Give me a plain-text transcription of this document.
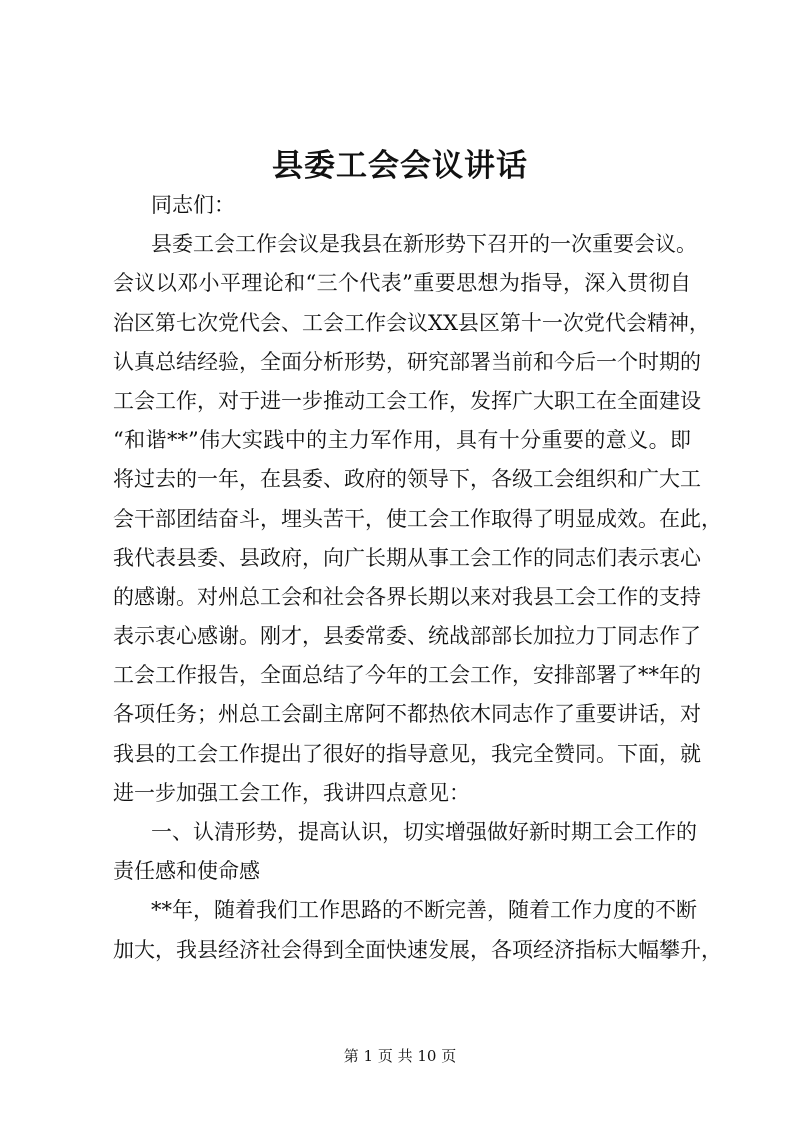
县委工会会议讲话
同志们：
县委工会工作会议是我县在新形势下召开的一次重要会议。
会议以邓小平理论和“三个代表”重要思想为指导，深入贯彻自
治区第七次党代会、工会工作会议XX县区第十一次党代会精神，
认真总结经验，全面分析形势，研究部署当前和今后一个时期的
工会工作，对于进一步推动工会工作，发挥广大职工在全面建设
“和谐**”伟大实践中的主力军作用，具有十分重要的意义。即
将过去的一年，在县委、政府的领导下，各级工会组织和广大工
会干部团结奋斗，埋头苦干，使工会工作取得了明显成效。在此，
我代表县委、县政府，向广长期从事工会工作的同志们表示衷心
的感谢。对州总工会和社会各界长期以来对我县工会工作的支持
表示衷心感谢。刚才，县委常委、统战部部长加拉力丁同志作了
工会工作报告，全面总结了今年的工会工作，安排部署了**年的
各项任务；州总工会副主席阿不都热依木同志作了重要讲话，对
我县的工会工作提出了很好的指导意见，我完全赞同。下面，就
进一步加强工会工作，我讲四点意见：
一、认清形势，提高认识，切实增强做好新时期工会工作的
责任感和使命感
**年，随着我们工作思路的不断完善，随着工作力度的不断
加大，我县经济社会得到全面快速发展，各项经济指标大幅攀升，
第 1 页 共 10 页
